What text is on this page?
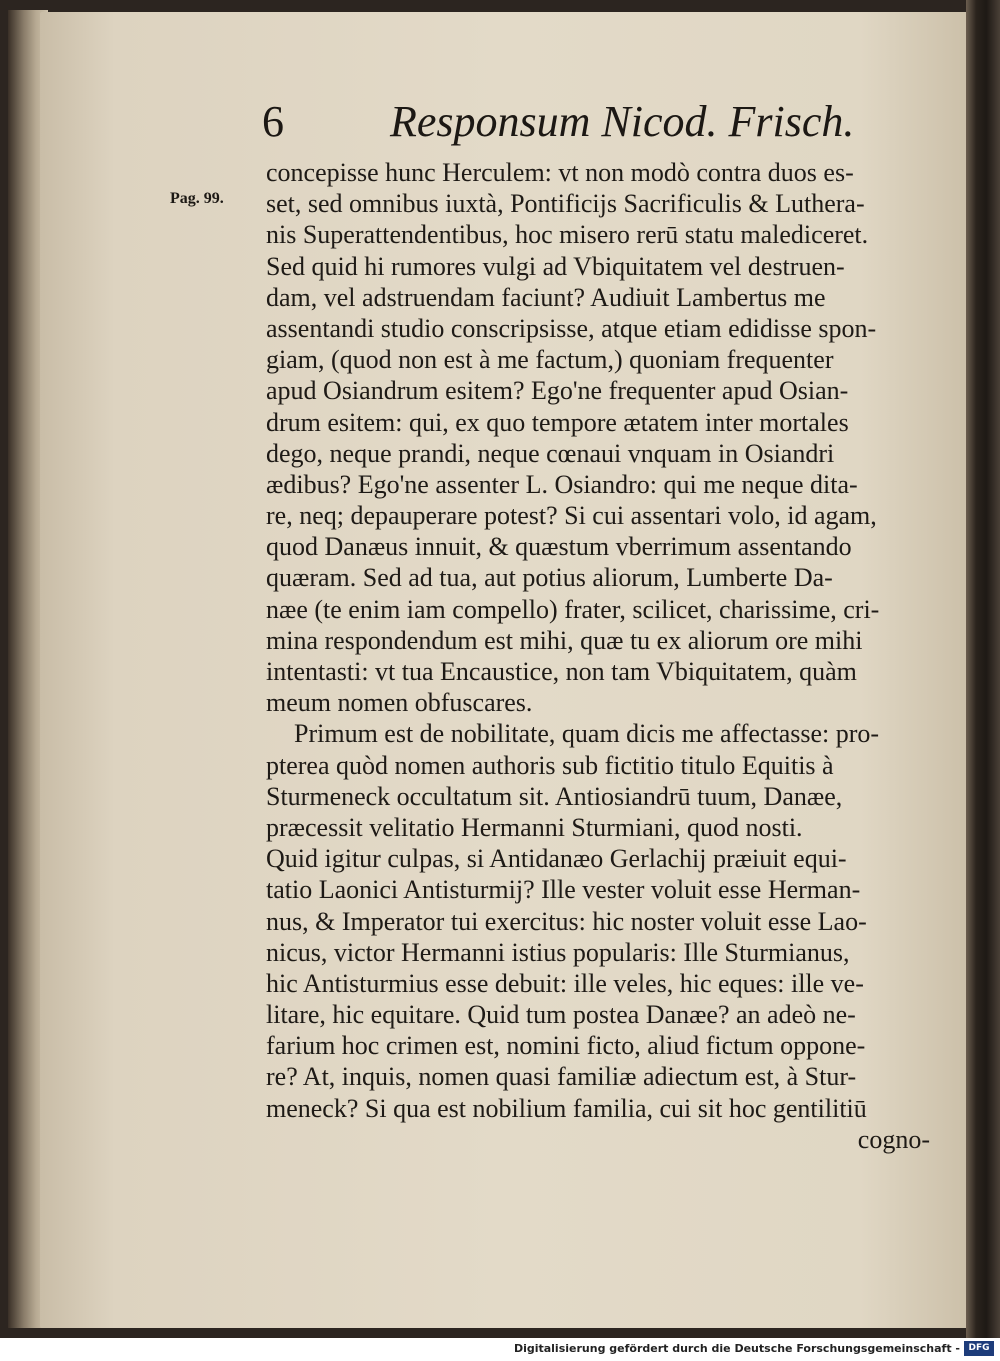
6 Responsum Nicod. Frisch.
Pag. 99.
concepisse hunc Herculem: vt non modò contra duos es-
set, sed omnibus iuxtà, Pontificijs Sacrificulis & Luthera-
nis Superattendentibus, hoc misero rerū statu malediceret.
Sed quid hi rumores vulgi ad Vbiquitatem vel destruen-
dam, vel adstruendam faciunt? Audiuit Lambertus me
assentandi studio conscripsisse, atque etiam edidisse spon-
giam, (quod non est à me factum,) quoniam frequenter
apud Osiandrum esitem? Ego'ne frequenter apud Osian-
drum esitem: qui, ex quo tempore ætatem inter mortales
dego, neque prandi, neque cœnaui vnquam in Osiandri
ædibus? Ego'ne assenter L. Osiandro: qui me neque dita-
re, neq; depauperare potest? Si cui assentari volo, id agam,
quod Danæus innuit, & quæstum vberrimum assentando
quæram. Sed ad tua, aut potius aliorum, Lumberte Da-
næe (te enim iam compello) frater, scilicet, charissime, cri-
mina respondendum est mihi, quæ tu ex aliorum ore mihi
intentasti: vt tua Encaustice, non tam Vbiquitatem, quàm
meum nomen obfuscares.
Primum est de nobilitate, quam dicis me affectasse: pro-
pterea quòd nomen authoris sub fictitio titulo Equitis à
Sturmeneck occultatum sit. Antiosiandrū tuum, Danæe,
præcessit velitatio Hermanni Sturmiani, quod nosti.
Quid igitur culpas, si Antidanæo Gerlachij præiuit equi-
tatio Laonici Antisturmij? Ille vester voluit esse Herman-
nus, & Imperator tui exercitus: hic noster voluit esse Lao-
nicus, victor Hermanni istius popularis: Ille Sturmianus,
hic Antisturmius esse debuit: ille veles, hic eques: ille ve-
litare, hic equitare. Quid tum postea Danæe? an adeò ne-
farium hoc crimen est, nomini ficto, aliud fictum oppone-
re? At, inquis, nomen quasi familiæ adiectum est, à Stur-
meneck? Si qua est nobilium familia, cui sit hoc gentilitiū
cogno-
Digitalisierung gefördert durch die Deutsche Forschungsgemeinschaft - DFG
